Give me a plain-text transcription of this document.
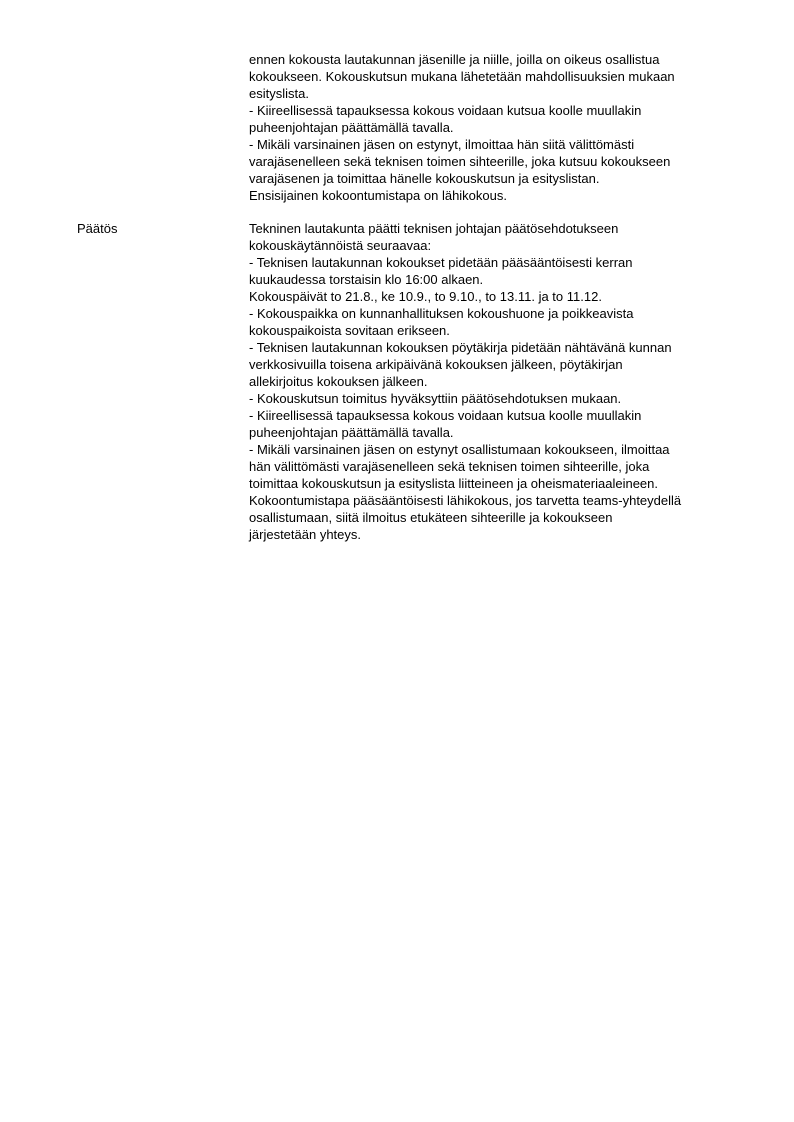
ennen kokousta lautakunnan jäsenille ja niille, joilla on oikeus osallistua
kokoukseen. Kokouskutsun mukana lähetetään mahdollisuuksien mukaan
esityslista.
- Kiireellisessä tapauksessa kokous voidaan kutsua koolle muullakin
puheenjohtajan päättämällä tavalla.
- Mikäli varsinainen jäsen on estynyt, ilmoittaa hän siitä välittömästi
varajäsenelleen sekä teknisen toimen sihteerille, joka kutsuu kokoukseen
varajäsenen ja toimittaa hänelle kokouskutsun ja esityslistan.
Ensisijainen kokoontumistapa on lähikokous.
Päätös	Tekninen lautakunta päätti teknisen johtajan päätösehdotukseen
kokouskäytännöistä seuraavaa:
- Teknisen lautakunnan kokoukset pidetään pääsääntöisesti kerran
kuukaudessa torstaisin klo 16:00 alkaen.
Kokouspäivät to 21.8., ke 10.9., to 9.10., to 13.11. ja to 11.12.
- Kokouspaikka on kunnanhallituksen kokoushuone ja poikkeavista
kokouspaikoista sovitaan erikseen.
- Teknisen lautakunnan kokouksen pöytäkirja pidetään nähtävänä kunnan
verkkosivuilla toisena arkipäivänä kokouksen jälkeen, pöytäkirjan
allekirjoitus kokouksen jälkeen.
- Kokouskutsun toimitus hyväksyttiin päätösehdotuksen mukaan.
- Kiireellisessä tapauksessa kokous voidaan kutsua koolle muullakin
puheenjohtajan päättämällä tavalla.
- Mikäli varsinainen jäsen on estynyt osallistumaan kokoukseen, ilmoittaa
hän välittömästi varajäsenelleen sekä teknisen toimen sihteerille, joka
toimittaa kokouskutsun ja esityslista liitteineen ja oheismateriaaleineen.
Kokoontumistapa pääsääntöisesti lähikokous, jos tarvetta teams-yhteydellä
osallistumaan, siitä ilmoitus etukäteen sihteerille ja kokoukseen
järjestetään yhteys.
